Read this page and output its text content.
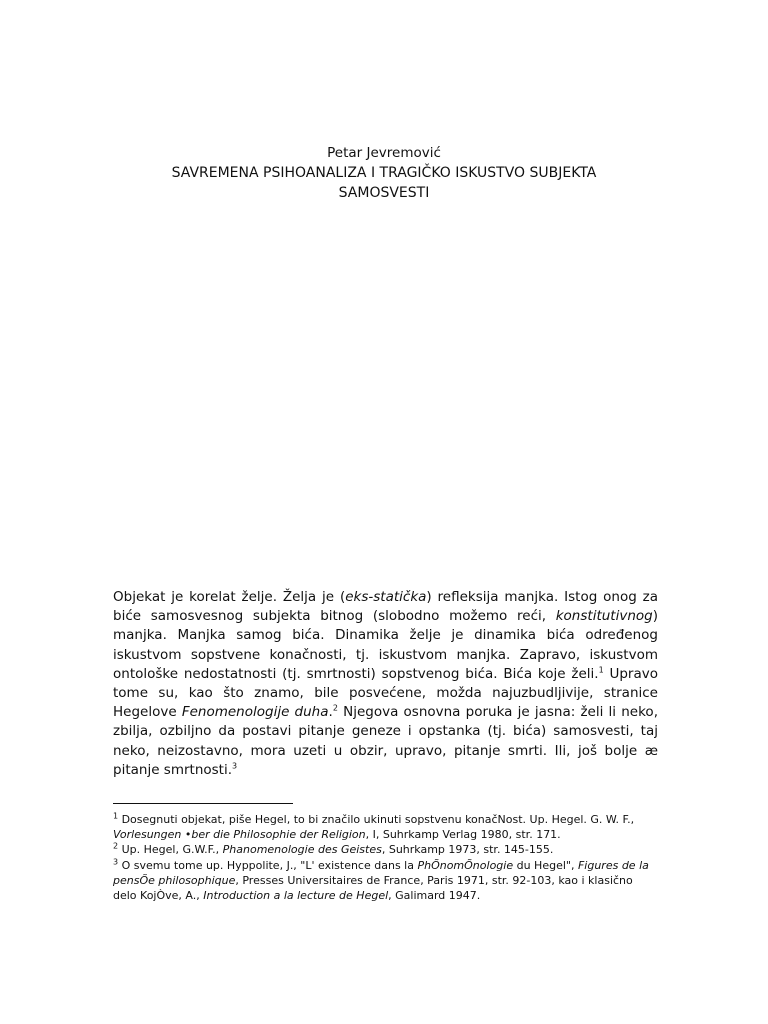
Petar Jevremović

SAVREMENA PSIHOANALIZA I TRAGIČKO ISKUSTVO SUBJEKTA
SAMOSVESTI

Objekat je korelat želje. Želja je (eks-statička) refleksija manjka. Istog onog za biće samosvesnog subjekta bitnog (slobodno možemo reći, konstitutivnog) manjka. Manjka samog bića. Dinamika želje je dinamika bića određenog iskustvom sopstvene konačnosti, tj. iskustvom manjka. Zapravo, iskustvom ontološke nedostatnosti (tj. smrtnosti) sopstvenog bića. Bića koje želi.$^1$ Upravo tome su, kao što znamo, bile posvećene, možda najuzbudljivije, stranice Hegelove Fenomenologije duha.$^2$ Njegova osnovna poruka je jasna: želi li neko, zbilja, ozbiljno da postavi pitanje geneze i opstanka (tj. bića) samosvesti, taj neko, neizostavno, mora uzeti u obzir, upravo, pitanje smrti. Ili, još bolje æ pitanje smrtnosti.$^3$

$^1$ Dosegnuti objekat, piše Hegel, to bi značilo ukinuti sopstvenu konačNost. Up. Hegel. G. W. F., Vorlesungen •ber die Philosophie der Religion, I, Suhrkamp Verlag 1980, str. 171.

$^2$ Up. Hegel, G.W.F., Phanomenologie des Geistes, Suhrkamp 1973, str. 145-155.

$^3$ O svemu tome up. Hyppolite, J., "L' existence dans la PhÕnomÕnologie du Hegel", Figures de la pensÕe philosophique, Presses Universitaires de France, Paris 1971, str. 92-103, kao i klasično delo KojÒve, A., Introduction a la lecture de Hegel, Galimard 1947.
